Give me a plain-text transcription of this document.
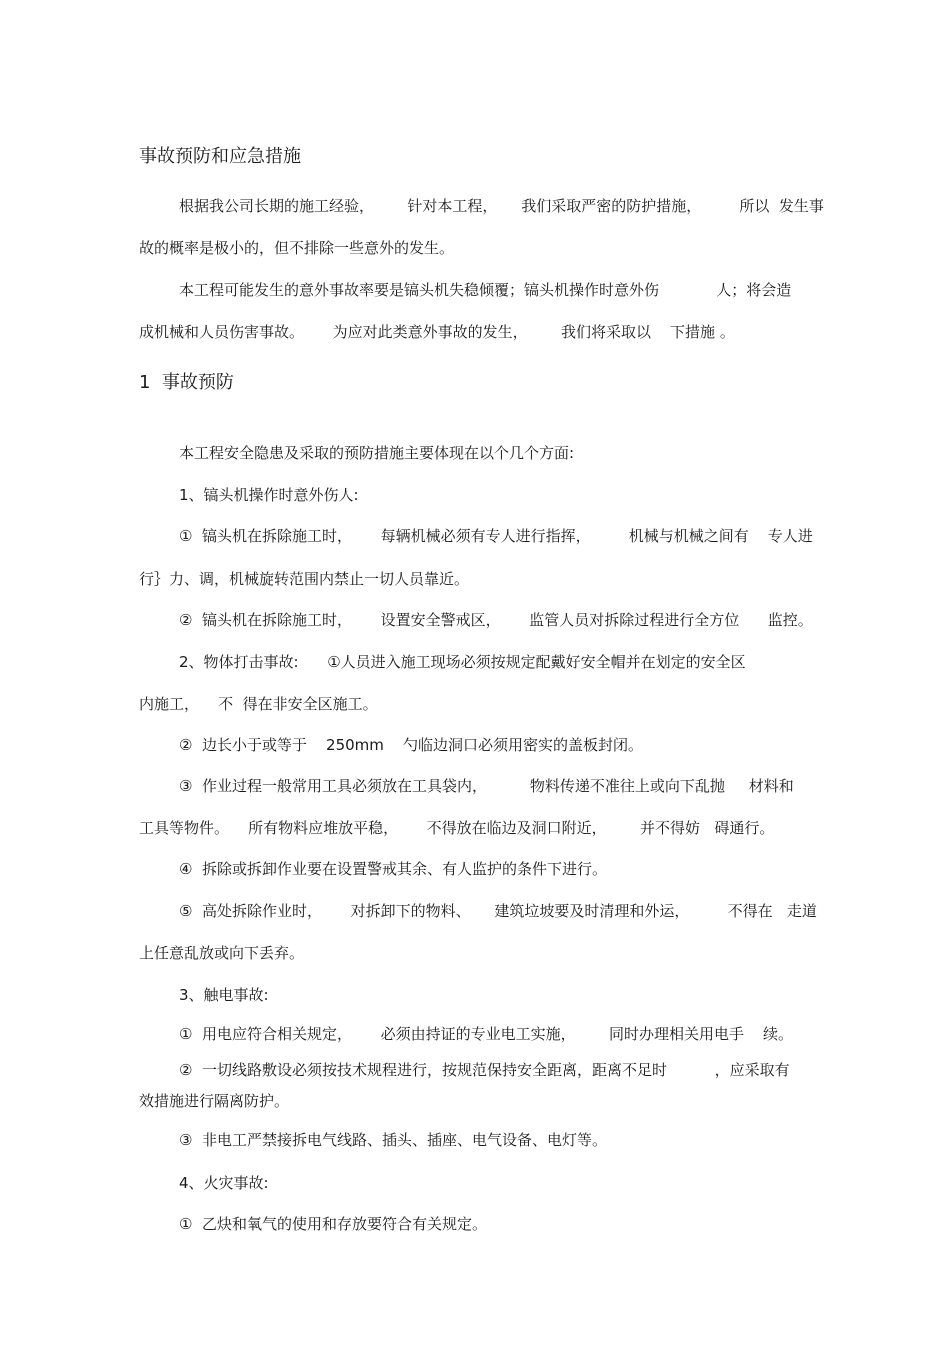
事故预防和应急措施
根据我公司长期的施工经验，       针对本工程，     我们采取严密的防护措施，        所以  发生事
故的概率是极小的，但不排除一些意外的发生。
本工程可能发生的意外事故率要是镐头机失稳倾覆；镐头机操作时意外伤            人；将会造
成机械和人员伤害事故。      为应对此类意外事故的发生，       我们将采取以    下措施 。
1  事故预防
本工程安全隐患及采取的预防措施主要体现在以个几个方面:
1、镐头机操作时意外伤人:
①  镐头机在拆除施工时，      每辆机械必须有专人进行指挥，        机械与机械之间有    专人进
行｝力、调，机械旋转范围内禁止一切人员靠近。
②  镐头机在拆除施工时，      设置安全警戒区，      监管人员对拆除过程进行全方位      监控。
2、物体打击事故:      ①人员进入施工现场必须按规定配戴好安全帽并在划定的安全区
内施工，    不  得在非安全区施工。
②  边长小于或等于    250mm    勺临边洞口必须用密实的盖板封闭。
③  作业过程一般常用工具必须放在工具袋内，         物料传递不准往上或向下乱抛     材料和
工具等物件。    所有物料应堆放平稳，      不得放在临边及洞口附近，       并不得妨   碍通行。
④  拆除或拆卸作业要在设置警戒其余、有人监护的条件下进行。
⑤  高处拆除作业时，      对拆卸下的物料、     建筑垃坡要及时清理和外运，        不得在   走道
上任意乱放或向下丢弃。
3、触电事故:
①  用电应符合相关规定，      必须由持证的专业电工实施，       同时办理相关用电手    续。
②  一切线路敷设必须按技术规程进行，按规范保持安全距离，距离不足时          ，应采取有
效措施进行隔离防护。
③  非电工严禁接拆电气线路、插头、插座、电气设备、电灯等。
4、火灾事故:
①  乙炔和氧气的使用和存放要符合有关规定。
